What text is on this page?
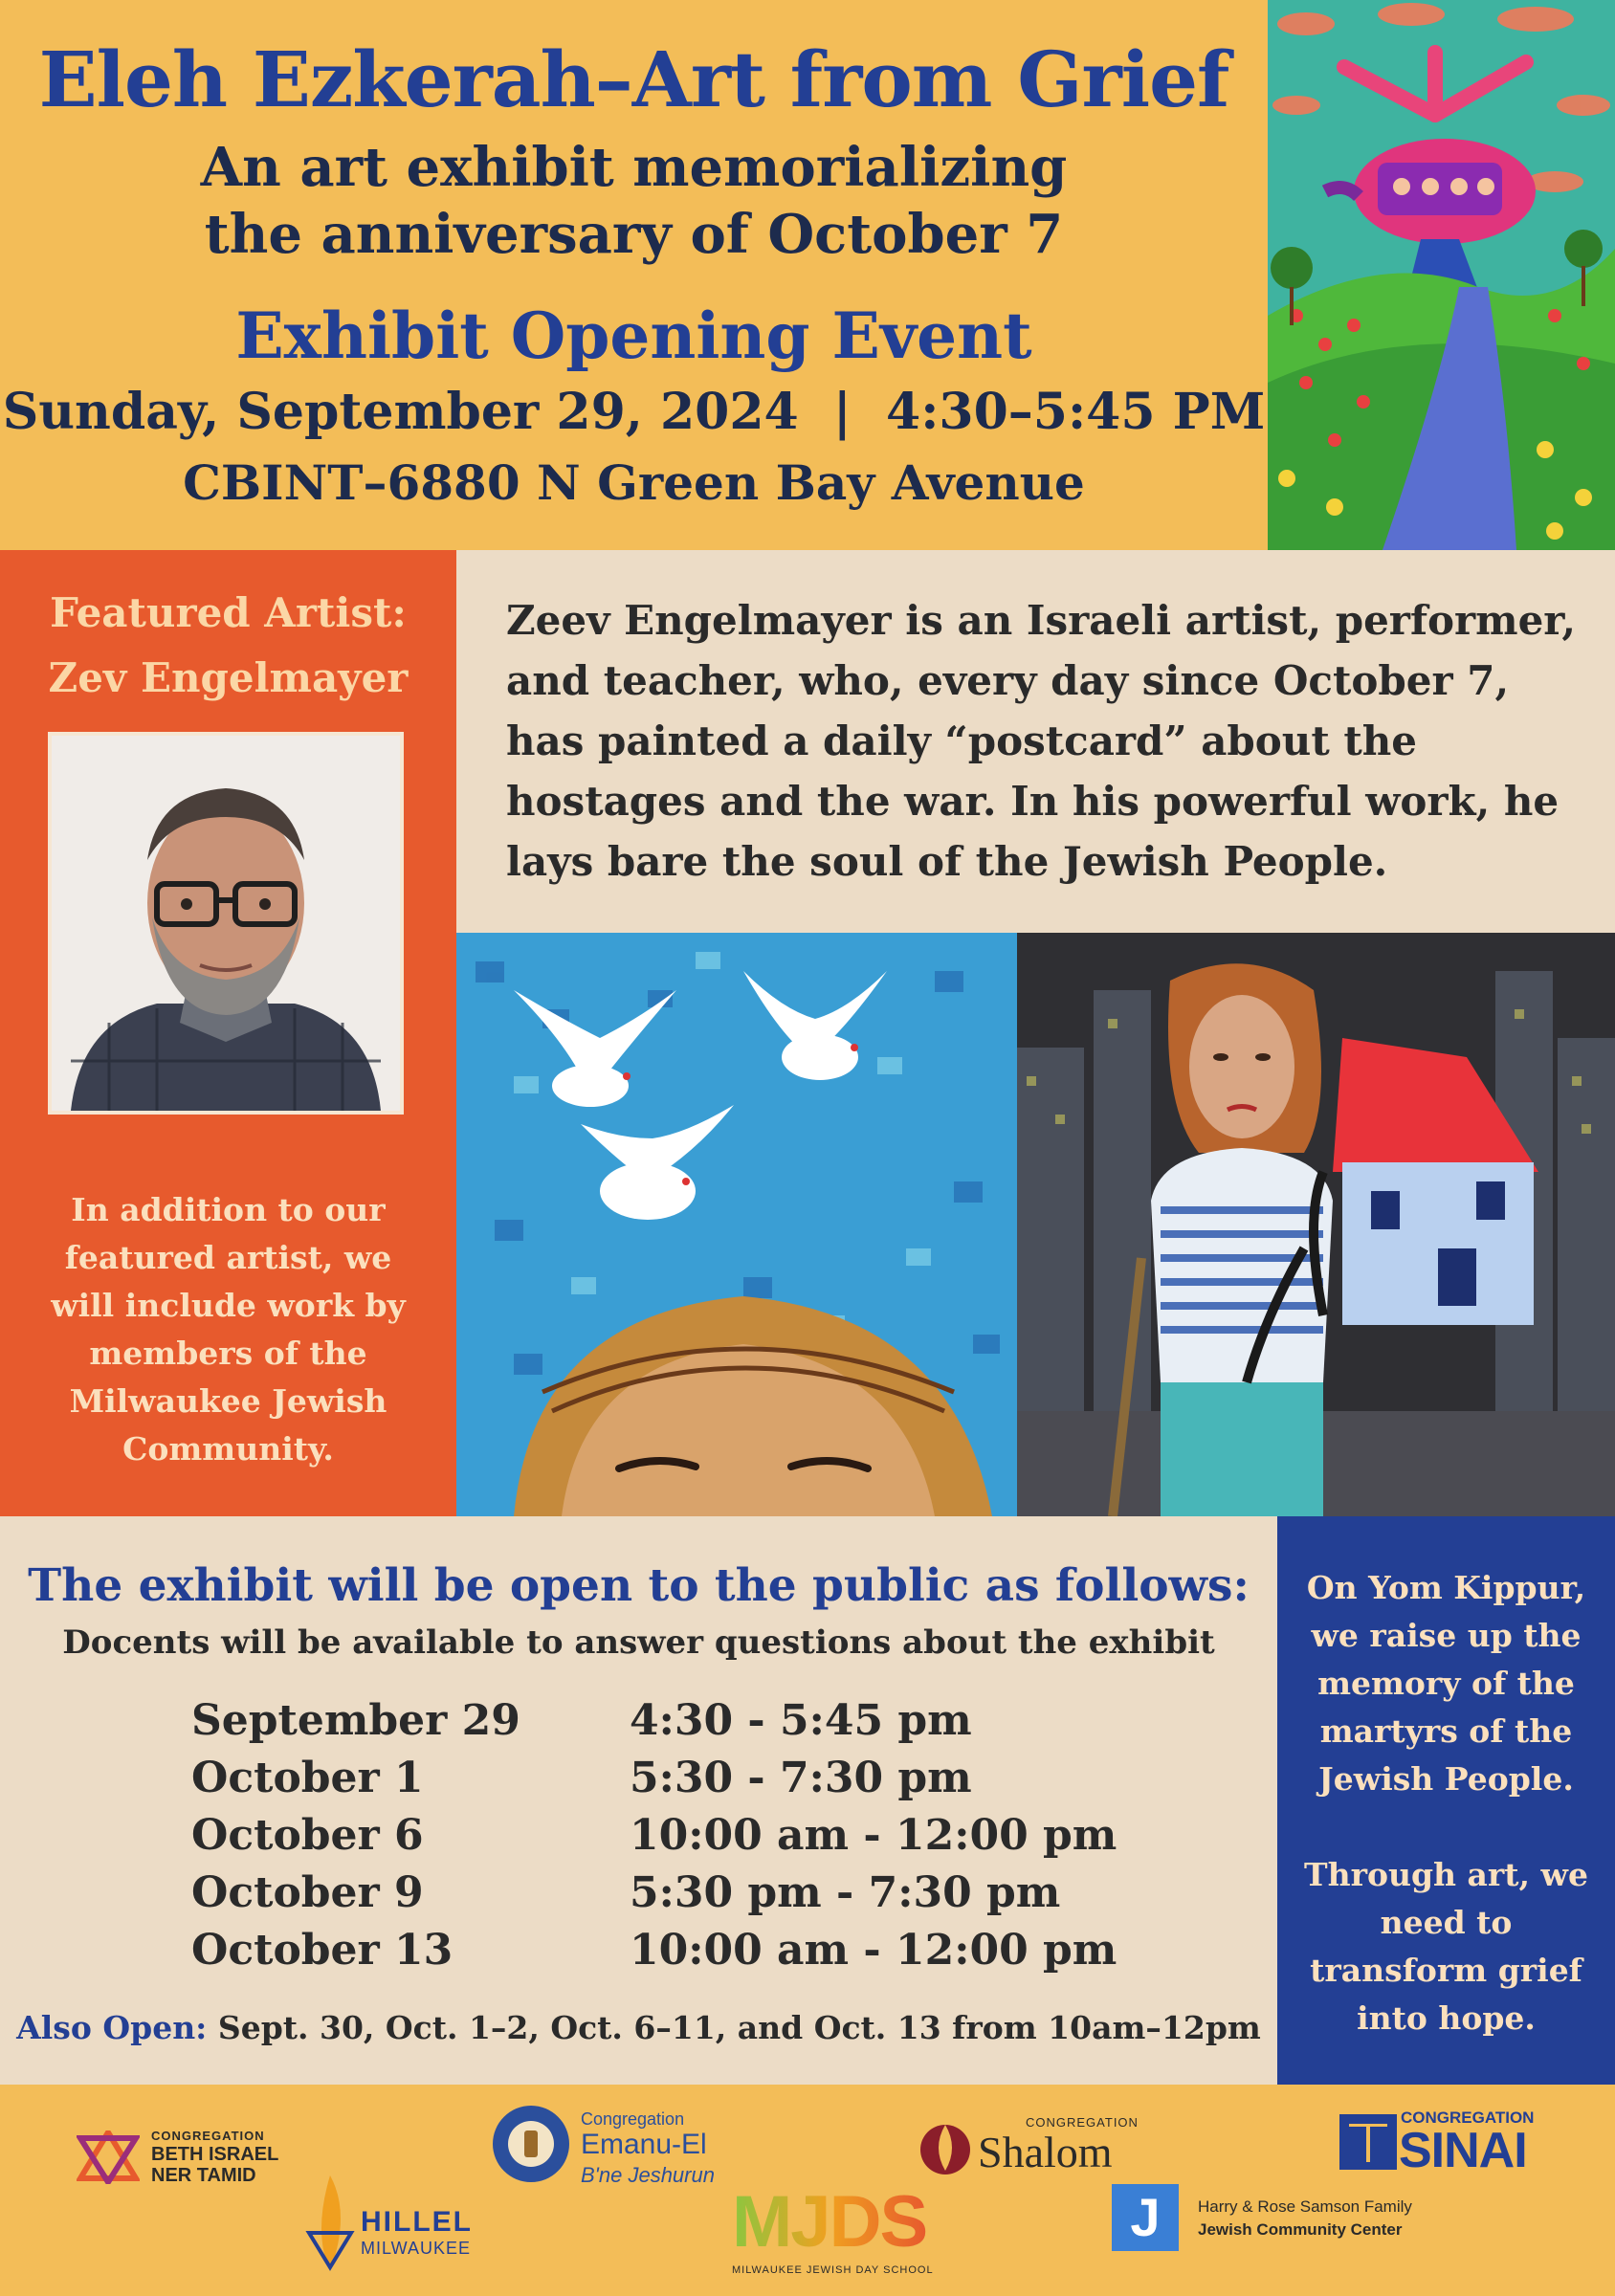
Eleh Ezkerah–Art from Grief
An art exhibit memorializing
the anniversary of October 7
Exhibit Opening Event
Sunday, September 29, 2024  |  4:30–5:45 PM
CBINT–6880 N Green Bay Avenue
Featured Artist:
Zev Engelmayer
In addition to our featured artist, we will include work by members of the Milwaukee Jewish Community.
Zeev Engelmayer is an Israeli artist, performer, and teacher, who, every day since October 7, has painted a daily “postcard” about the hostages and the war. In his powerful work, he lays bare the soul of the Jewish People.
The exhibit will be open to the public as follows:
Docents will be available to answer questions about the exhibit
September 29	4:30 - 5:45 pm
October 1	5:30 - 7:30 pm
October 6	10:00 am - 12:00 pm
October 9	5:30 pm - 7:30 pm
October 13	10:00 am - 12:00 pm
Also Open: Sept. 30, Oct. 1–2, Oct. 6–11, and Oct. 13 from 10am–12pm
On Yom Kippur, we raise up the memory of the martyrs of the Jewish People.
Through art, we need to transform grief into hope.
CONGREGATION
BETH ISRAEL
NER TAMID
Congregation
Emanu-El
B'ne Jeshurun
CONGREGATION
Shalom
CONGREGATION
SINAI
HILLEL
MILWAUKEE	MJDS
MILWAUKEE JEWISH DAY SCHOOL
J	Harry & Rose Samson Family
Jewish Community Center
